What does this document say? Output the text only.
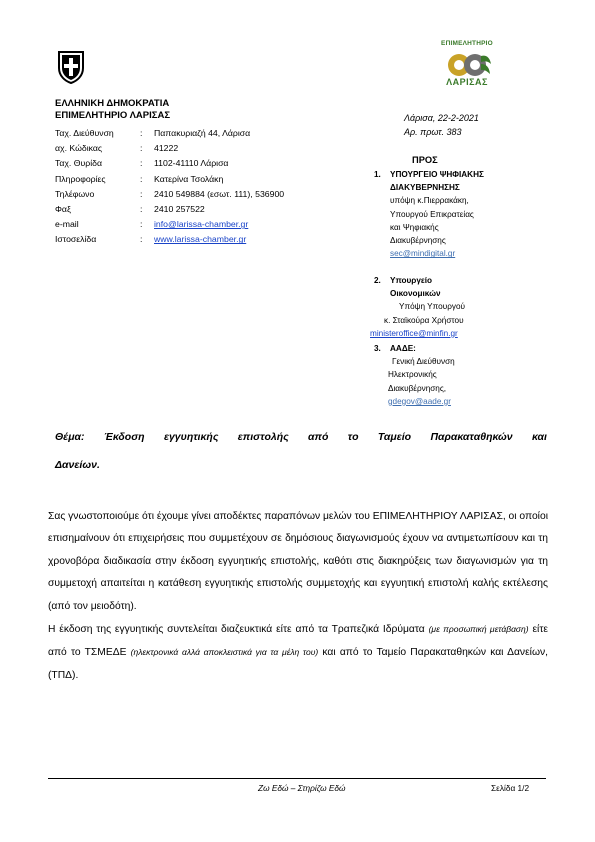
ΕΠΙΜΕΛΗΤΗΡΙΟ
ΛΑΡΙΣΑΣ
ΕΛΛΗΝΙΚΗ ΔΗΜΟΚΡΑΤΙΑ
ΕΠΙΜΕΛΗΤΗΡΙΟ ΛΑΡΙΣΑΣ
Ταχ. Διεύθυνση	:	Παπακυριαζή 44, Λάρισα
αχ. Κώδικας	:	41222
Ταχ. Θυρίδα	:	1102-41110 Λάρισα
Πληροφορίες	:	Κατερίνα Τσολάκη
Τηλέφωνο	:	2410 549884 (εσωτ. 111), 536900
Φαξ	:	2410 257522
e-mail	:	info@larissa-chamber.gr
Ιστοσελίδα	:	www.larissa-chamber.gr
Λάρισα, 22-2-2021
Αρ. πρωτ. 383
ΠΡΟΣ
1. ΥΠΟΥΡΓΕΙΟ ΨΗΦΙΑΚΗΣ
ΔΙΑΚΥΒΕΡΝΗΣΗΣ
υπόψη κ.Πιερρακάκη,
Υπουργού Επικρατείας
και Ψηφιακής
Διακυβέρνησης
sec@mindigital.gr
2. Υπουργείο
Οικονομικών
Υπόψη Υπουργού
κ. Σταϊκούρα Χρήστου
ministeroffice@minfin.gr
3. ΑΑΔΕ:
Γενική Διεύθυνση
Ηλεκτρονικής
Διακυβέρνησης,
gdegov@aade.gr
Θέμα: Έκδοση εγγυητικής επιστολής από το Ταμείο Παρακαταθηκών και
Δανείων.

Σας γνωστοποιούμε ότι έχουμε γίνει αποδέκτες παραπόνων μελών του ΕΠΙΜΕΛΗΤΗΡΙΟΥ ΛΑΡΙΣΑΣ, οι οποίοι επισημαίνουν ότι επιχειρήσεις που συμμετέχουν σε δημόσιους διαγωνισμούς έχουν να αντιμετωπίσουν και τη χρονοβόρα διαδικασία στην έκδοση εγγυητικής επιστολής, καθότι στις διακηρύξεις των διαγωνισμών για τη συμμετοχή απαιτείται η κατάθεση εγγυητικής επιστολής συμμετοχής και εγγυητική επιστολή καλής εκτέλεσης (από τον μειοδότη).

Η έκδοση της εγγυητικής συντελείται διαζευκτικά είτε από τα Τραπεζικά Ιδρύματα (με προσωπική μετάβαση) είτε από το ΤΣΜΕΔΕ (ηλεκτρονικά αλλά αποκλειστικά για τα μέλη του) και από το Ταμείο Παρακαταθηκών και Δανείων, (ΤΠΔ).

Ζω Εδώ – Στηρίζω Εδώ	Σελίδα 1/2
